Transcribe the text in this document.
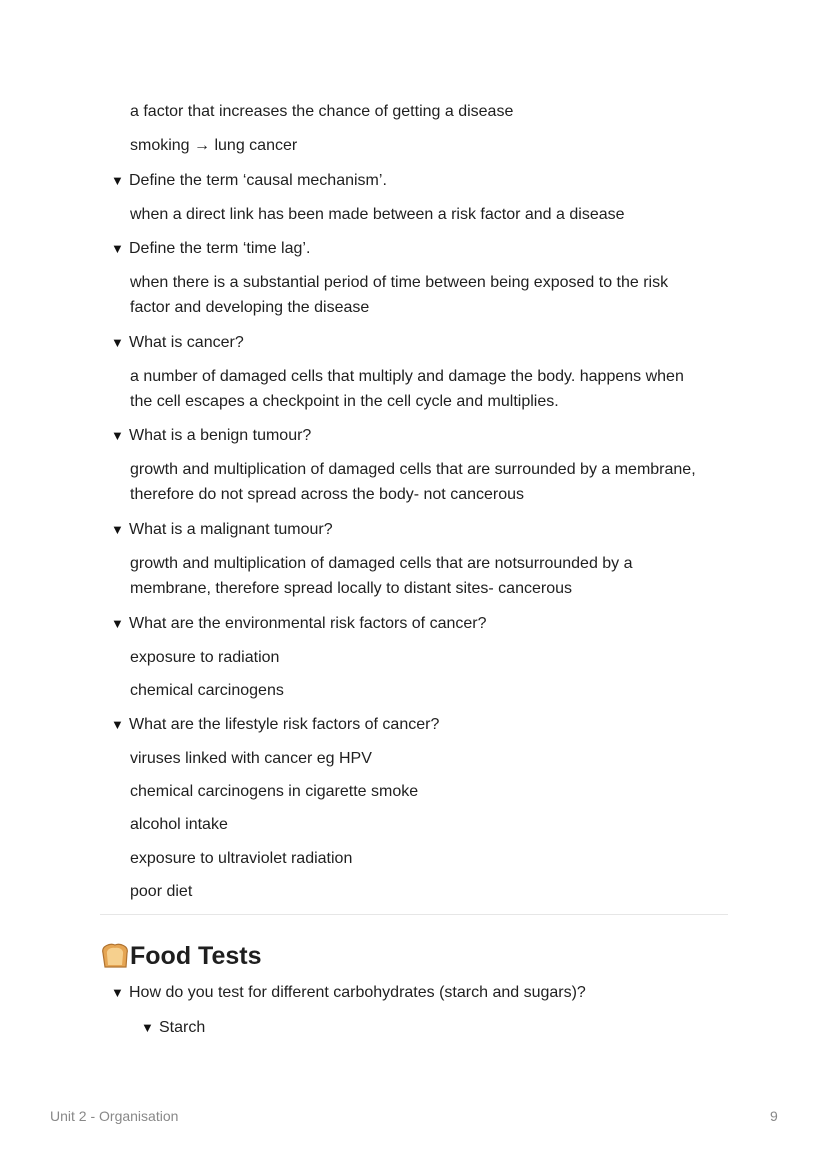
a factor that increases the chance of getting a disease
smoking → lung cancer
▼ Define the term ‘causal mechanism’.
when a direct link has been made between a risk factor and a disease
▼ Define the term ‘time lag’.
when there is a substantial period of time between being exposed to the risk
factor and developing the disease
▼ What is cancer?
a number of damaged cells that multiply and damage the body. happens when
the cell escapes a checkpoint in the cell cycle and multiplies.
▼ What is a benign tumour?
growth and multiplication of damaged cells that are surrounded by a membrane,
therefore do not spread across the body- not cancerous
▼ What is a malignant tumour?
growth and multiplication of damaged cells that are notsurrounded by a
membrane, therefore spread locally to distant sites- cancerous
▼ What are the environmental risk factors of cancer?
exposure to radiation
chemical carcinogens
▼ What are the lifestyle risk factors of cancer?
viruses linked with cancer eg HPV
chemical carcinogens in cigarette smoke
alcohol intake
exposure to ultraviolet radiation
poor diet
Food Tests
▼ How do you test for different carbohydrates (starch and sugars)?
▼ Starch
Unit 2 - Organisation	9
